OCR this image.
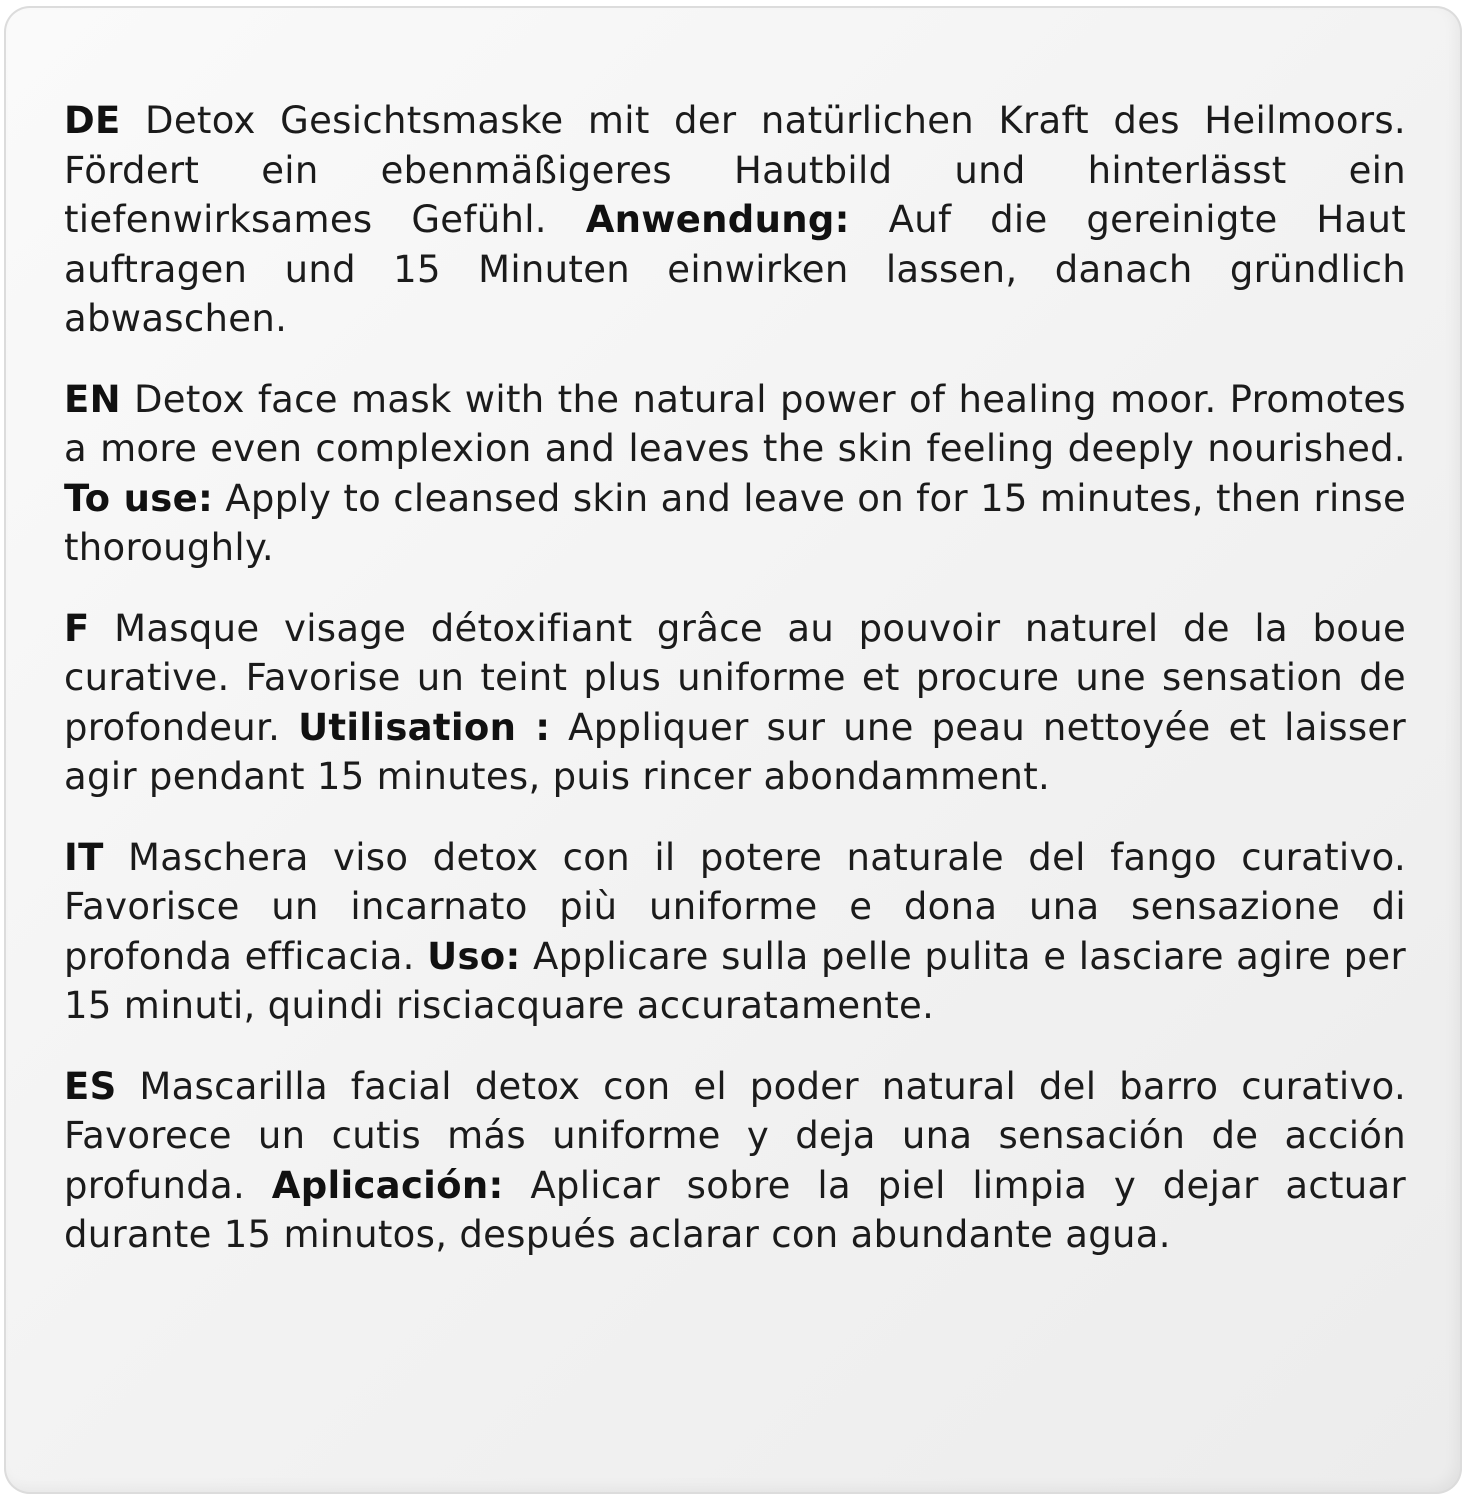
DE Detox Gesichtsmaske mit der natürlichen Kraft des Heilmoors. Fördert ein ebenmäßigeres Hautbild und hinterlässt ein tiefenwirksames Gefühl. Anwendung: Auf die gereinigte Haut auftragen und 15 Minuten einwirken lassen, danach gründlich abwaschen.

EN Detox face mask with the natural power of healing moor. Promotes a more even complexion and leaves the skin feeling deeply nourished. To use: Apply to cleansed skin and leave on for 15 minutes, then rinse thoroughly.

F Masque visage détoxifiant grâce au pouvoir naturel de la boue curative. Favorise un teint plus uniforme et procure une sensation de profondeur. Utilisation : Appliquer sur une peau nettoyée et laisser agir pendant 15 minutes, puis rincer abondamment.

IT Maschera viso detox con il potere naturale del fango curativo. Favorisce un incarnato più uniforme e dona una sensazione di profonda efficacia. Uso: Applicare sulla pelle pulita e lasciare agire per 15 minuti, quindi risciacquare accuratamente.

ES Mascarilla facial detox con el poder natural del barro curativo. Favorece un cutis más uniforme y deja una sensación de acción profunda. Aplicación: Aplicar sobre la piel limpia y dejar actuar durante 15 minutos, después aclarar con abundante agua.
